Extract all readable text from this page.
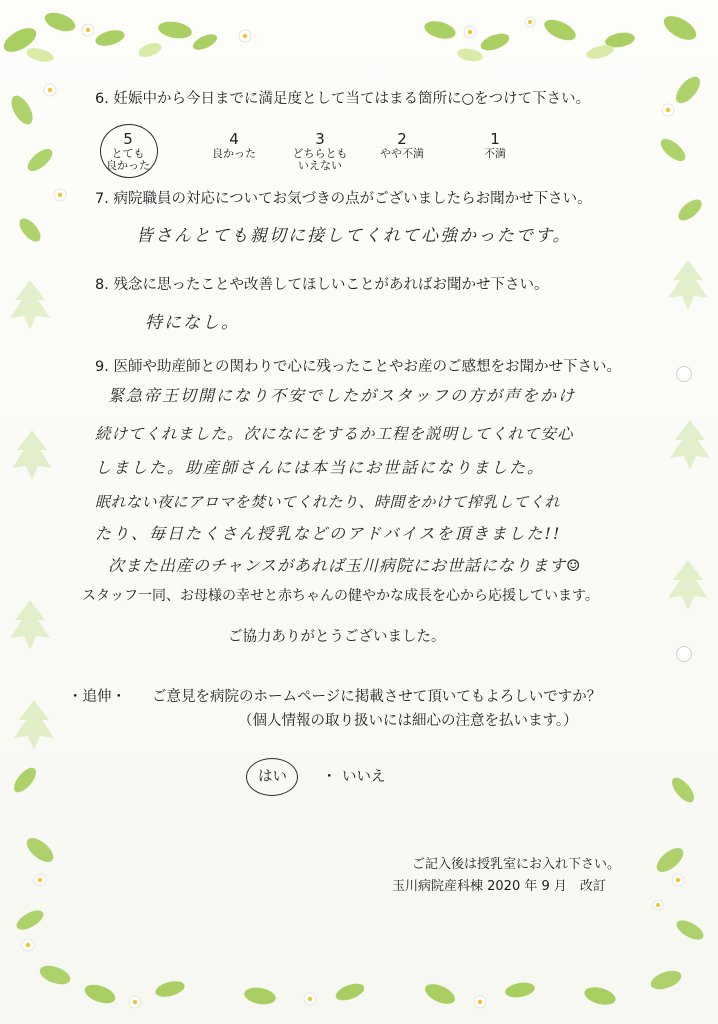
6. 妊娠中から今日までに満足度として当てはまる箇所に○をつけて下さい。
5
とても
良かった
4
良かった
3
どちらとも
いえない
2
やや不満
1
不満
7. 病院職員の対応についてお気づきの点がございましたらお聞かせ下さい。
皆さんとても親切に接してくれて心強かったです。
8. 残念に思ったことや改善してほしいことがあればお聞かせ下さい。
特になし。
9. 医師や助産師との関わりで心に残ったことやお産のご感想をお聞かせ下さい。
緊急帝王切開になり不安でしたがスタッフの方が声をかけ
続けてくれました。次になにをするか工程を説明してくれて安心
しました。助産師さんには本当にお世話になりました。
眠れない夜にアロマを焚いてくれたり、時間をかけて搾乳してくれ
たり、毎日たくさん授乳などのアドバイスを頂きました!!
次また出産のチャンスがあれば玉川病院にお世話になります☺
スタッフ一同、お母様の幸せと赤ちゃんの健やかな成長を心から応援しています。
ご協力ありがとうございました。
・追伸・ ご意見を病院のホームページに掲載させて頂いてもよろしいですか？
（個人情報の取り扱いには細心の注意を払います。）
はい ・ いいえ
ご記入後は授乳室にお入れ下さい。
玉川病院産科棟 2020 年 9 月　改訂
